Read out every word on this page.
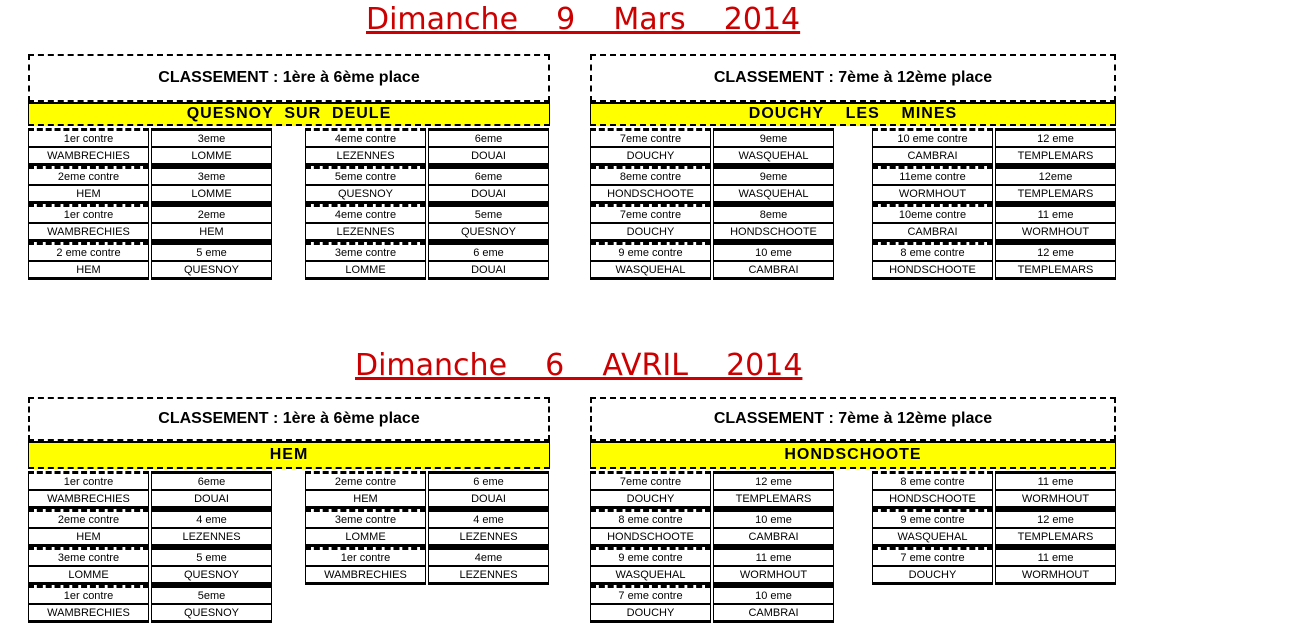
Dimanche    9    Mars    2014
CLASSEMENT : 1ère à 6ème place
QUESNOY  SUR  DEULE
1er contre	3eme
WAMBRECHIES	LOMME
2eme contre	3eme
HEM	LOMME
1er contre	2eme
WAMBRECHIES	HEM
2 eme contre	5 eme
HEM	QUESNOY
4eme contre	6eme
LEZENNES	DOUAI
5eme contre	6eme
QUESNOY	DOUAI
4eme contre	5eme
LEZENNES	QUESNOY
3eme contre	6 eme
LOMME	DOUAI
CLASSEMENT : 7ème à 12ème place
DOUCHY    LES    MINES
7eme contre	9eme
DOUCHY	WASQUEHAL
8eme contre	9eme
HONDSCHOOTE	WASQUEHAL
7eme contre	8eme
DOUCHY	HONDSCHOOTE
9 eme contre	10 eme
WASQUEHAL	CAMBRAI
10 eme contre	12 eme
CAMBRAI	TEMPLEMARS
11eme contre	12eme
WORMHOUT	TEMPLEMARS
10eme contre	11 eme
CAMBRAI	WORMHOUT
8 eme contre	12 eme
HONDSCHOOTE	TEMPLEMARS
Dimanche    6    AVRIL    2014
CLASSEMENT : 1ère à 6ème place
HEM
1er contre	6eme
WAMBRECHIES	DOUAI
2eme contre	4 eme
HEM	LEZENNES
3eme contre	5 eme
LOMME	QUESNOY
1er contre	5eme
WAMBRECHIES	QUESNOY
2eme contre	6 eme
HEM	DOUAI
3eme contre	4 eme
LOMME	LEZENNES
1er contre	4eme
WAMBRECHIES	LEZENNES
CLASSEMENT : 7ème à 12ème place
HONDSCHOOTE
7eme contre	12 eme
DOUCHY	TEMPLEMARS
8 eme contre	10 eme
HONDSCHOOTE	CAMBRAI
9 eme contre	11 eme
WASQUEHAL	WORMHOUT
7 eme contre	10 eme
DOUCHY	CAMBRAI
8 eme contre	11 eme
HONDSCHOOTE	WORMHOUT
9 eme contre	12 eme
WASQUEHAL	TEMPLEMARS
7 eme contre	11 eme
DOUCHY	WORMHOUT
